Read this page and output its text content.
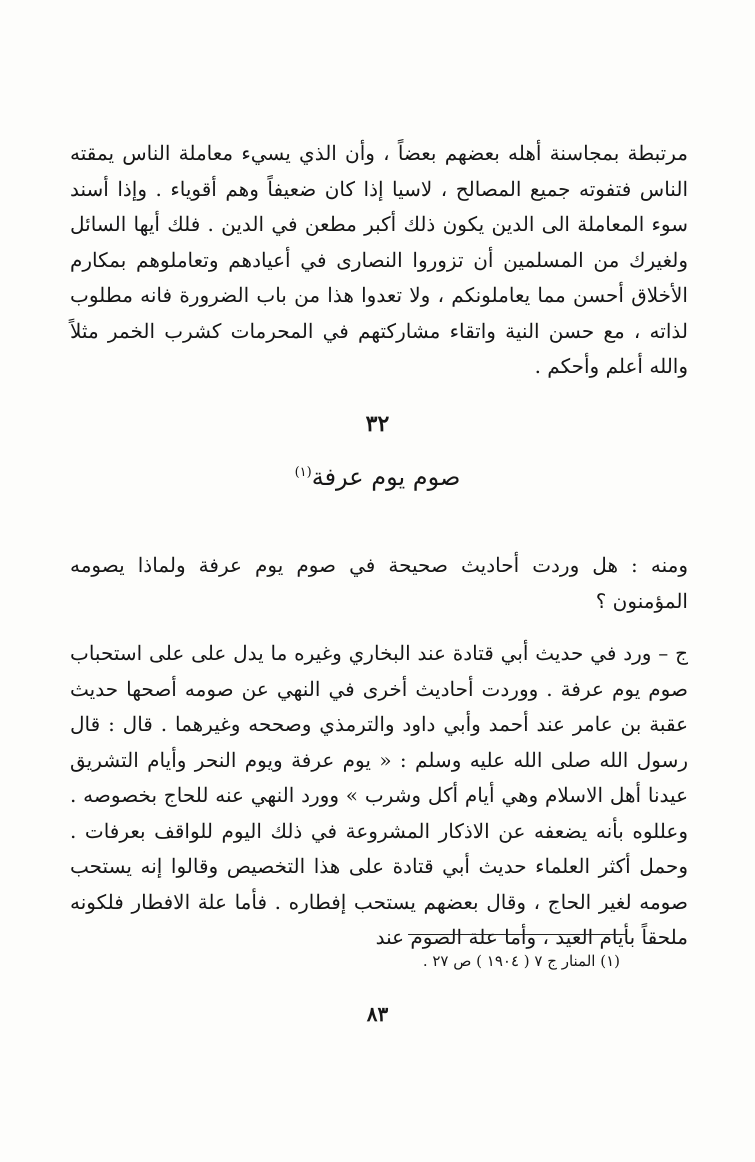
مرتبطة بمجاسنة أهله بعضهم بعضاً ، وأن الذي يسيء معاملة الناس يمقته الناس فتفوته جميع المصالح ، لاسيا إذا كان ضعيفاً وهم أقوياء . وإذا أسند سوء المعاملة الى الدين يكون ذلك أكبر مطعن في الدين . فلك أيها السائل ولغيرك من المسلمين أن تزوروا النصارى في أعيادهم وتعاملوهم بمكارم الأخلاق أحسن مما يعاملونكم ، ولا تعدوا هذا من باب الضرورة فانه مطلوب لذاته ، مع حسن النية واتقاء مشاركتهم في المحرمات كشرب الخمر مثلاً والله أعلم وأحكم .

٣٢
صوم يوم عرفة$^{(١)}$

ومنه : هل وردت أحاديث صحيحة في صوم يوم عرفة ولماذا يصومه المؤمنون ؟

ج – ورد في حديث أبي قتادة عند البخاري وغيره ما يدل على على استحباب صوم يوم عرفة . ووردت أحاديث أخرى في النهي عن صومه أصحها حديث عقبة بن عامر عند أحمد وأبي داود والترمذي وصححه وغيرهما . قال : قال رسول الله صلى الله عليه وسلم : « يوم عرفة ويوم النحر وأيام التشريق عيدنا أهل الاسلام وهي أيام أكل وشرب » وورد النهي عنه للحاج بخصوصه . وعللوه بأنه يضعفه عن الاذكار المشروعة في ذلك اليوم للواقف بعرفات . وحمل أكثر العلماء حديث أبي قتادة على هذا التخصيص وقالوا إنه يستحب صومه لغير الحاج ، وقال بعضهم يستحب إفطاره . فأما علة الافطار فلكونه ملحقاً بأيام العيد ، وأما علة الصوم عند

(١) المنار ج ٧ ( ١٩٠٤ ) ص ٢٧ .
٨٣
